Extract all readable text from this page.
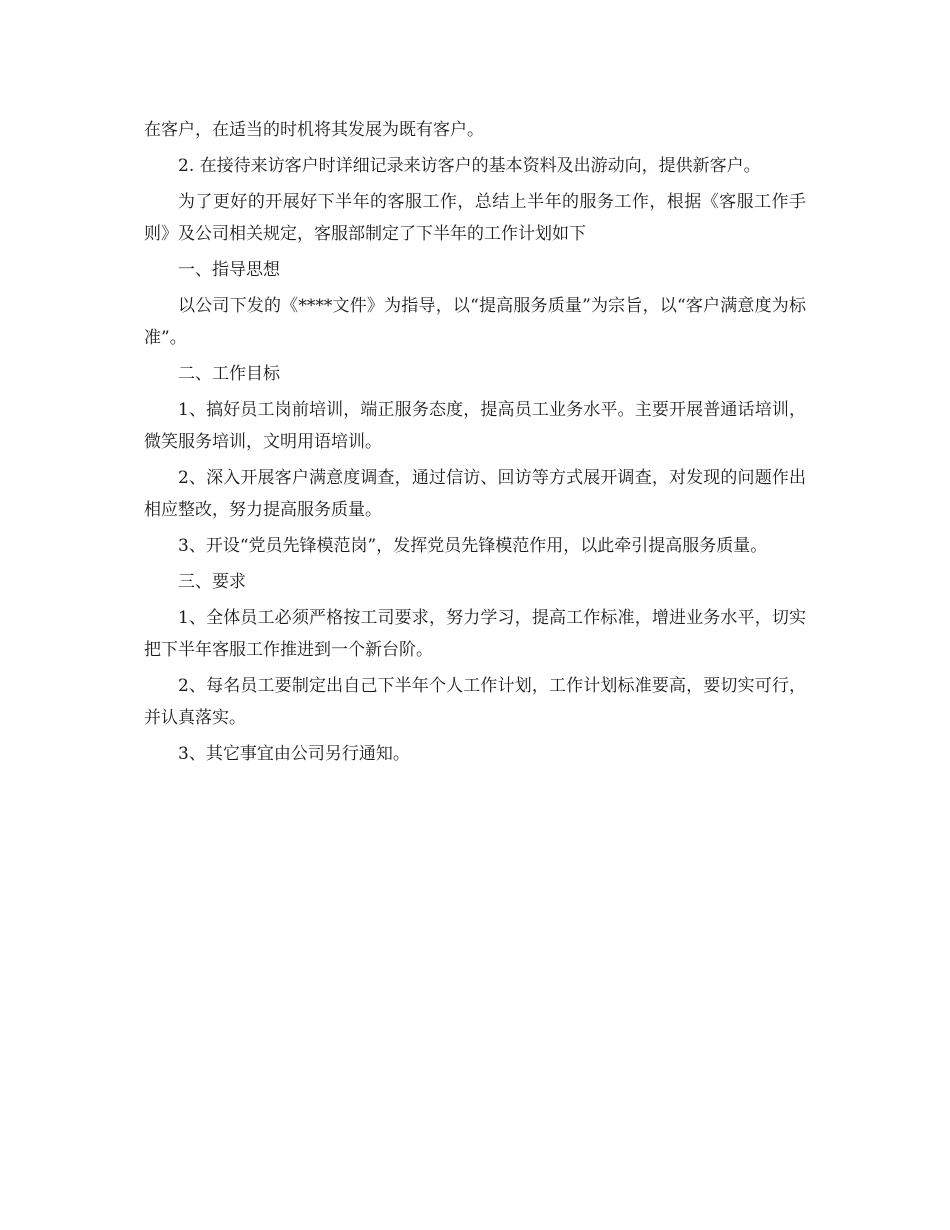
在客户，在适当的时机将其发展为既有客户。

2. 在接待来访客户时详细记录来访客户的基本资料及出游动向，提供新客户。

为了更好的开展好下半年的客服工作，总结上半年的服务工作，根据《客服工作手则》及公司相关规定，客服部制定了下半年的工作计划如下

一、指导思想

以公司下发的《****文件》为指导，以“提高服务质量”为宗旨，以“客户满意度为标准”。

二、工作目标

1、搞好员工岗前培训，端正服务态度，提高员工业务水平。主要开展普通话培训，微笑服务培训，文明用语培训。

2、深入开展客户满意度调查，通过信访、回访等方式展开调查，对发现的问题作出相应整改，努力提高服务质量。

3、开设“党员先锋模范岗”，发挥党员先锋模范作用，以此牵引提高服务质量。

三、要求

1、全体员工必须严格按工司要求，努力学习，提高工作标准，增进业务水平，切实把下半年客服工作推进到一个新台阶。

2、每名员工要制定出自己下半年个人工作计划，工作计划标准要高，要切实可行，并认真落实。

3、其它事宜由公司另行通知。
